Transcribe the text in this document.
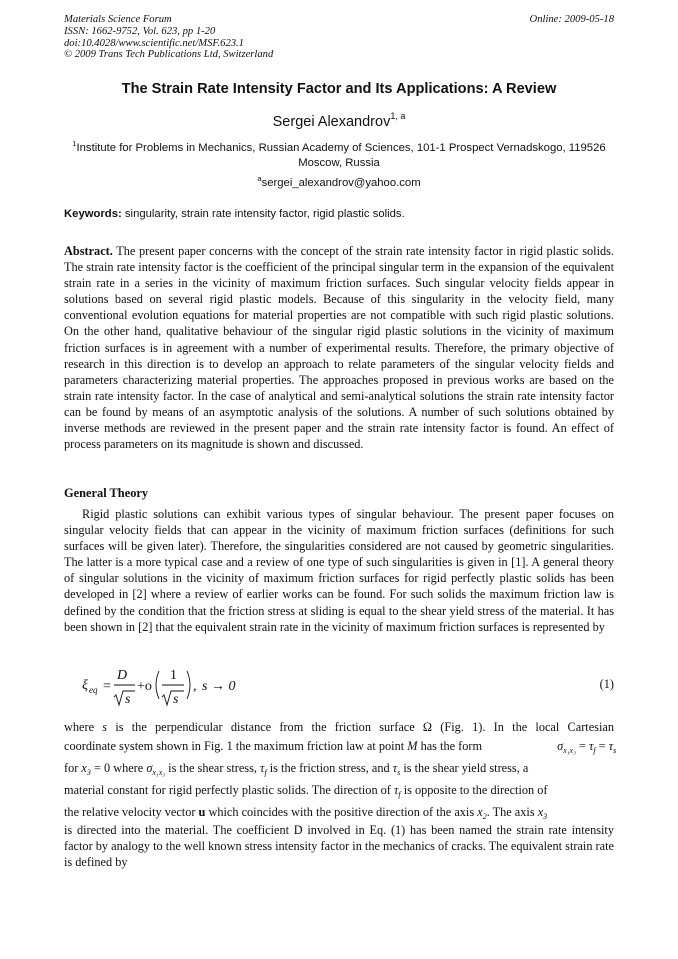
Materials Science Forum
ISSN: 1662-9752, Vol. 623, pp 1-20
doi:10.4028/www.scientific.net/MSF.623.1
© 2009 Trans Tech Publications Ltd, Switzerland
Online: 2009-05-18
The Strain Rate Intensity Factor and Its Applications: A Review
Sergei Alexandrov$^{1, a}$
$^1$Institute for Problems in Mechanics, Russian Academy of Sciences, 101-1 Prospect Vernadskogo, 119526 Moscow, Russia
$^a$sergei_alexandrov@yahoo.com
Keywords: singularity, strain rate intensity factor, rigid plastic solids.
Abstract. The present paper concerns with the concept of the strain rate intensity factor in rigid plastic solids. The strain rate intensity factor is the coefficient of the principal singular term in the expansion of the equivalent strain rate in a series in the vicinity of maximum friction surfaces. Such singular velocity fields appear in solutions based on several rigid plastic models. Because of this singularity in the velocity field, many conventional evolution equations for material properties are not compatible with such rigid plastic solutions. On the other hand, qualitative behaviour of the singular rigid plastic solutions in the vicinity of maximum friction surfaces is in agreement with a number of experimental results. Therefore, the primary objective of research in this direction is to develop an approach to relate parameters of the singular velocity fields and parameters characterizing material properties. The approaches proposed in previous works are based on the strain rate intensity factor. In the case of analytical and semi-analytical solutions the strain rate intensity factor can be found by means of an asymptotic analysis of the solutions. A number of such solutions obtained by inverse methods are reviewed in the present paper and the strain rate intensity factor is found. An effect of process parameters on its magnitude is shown and discussed.
General Theory
Rigid plastic solutions can exhibit various types of singular behaviour. The present paper focuses on singular velocity fields that can appear in the vicinity of maximum friction surfaces (definitions for such surfaces will be given later). Therefore, the singularities considered are not caused by geometric singularities. The latter is a more typical case and a review of one type of such singularities is given in [1]. A general theory of singular solutions in the vicinity of maximum friction surfaces for rigid perfectly plastic solids has been developed in [2] where a review of earlier works can be found. For such solids the maximum friction law is defined by the condition that the friction stress at sliding is equal to the shear yield stress of the material. It has been shown in [2] that the equivalent strain rate in the vicinity of maximum friction surfaces is represented by
ξ eq =
D
s
+o
1
s
, s → 0	(1)
where s is the perpendicular distance from the friction surface Ω (Fig. 1). In the local Cartesian
coordinate system shown in Fig. 1 the maximum friction law at point M has the form	$\sigma_{x_1x_3} = \tau_f = \tau_s$
for $x_3 = 0$ where $\sigma_{x_1x_3}$ is the shear stress, $\tau_f$ is the friction stress, and $\tau_s$ is the shear yield stress, a
material constant for rigid perfectly plastic solids. The direction of $\tau_f$ is opposite to the direction of
the relative velocity vector u which coincides with the positive direction of the axis $x_2$. The axis $x_3$
is directed into the material. The coefficient D involved in Eq. (1) has been named the strain rate intensity factor by analogy to the well known stress intensity factor in the mechanics of cracks. The equivalent strain rate is defined by
